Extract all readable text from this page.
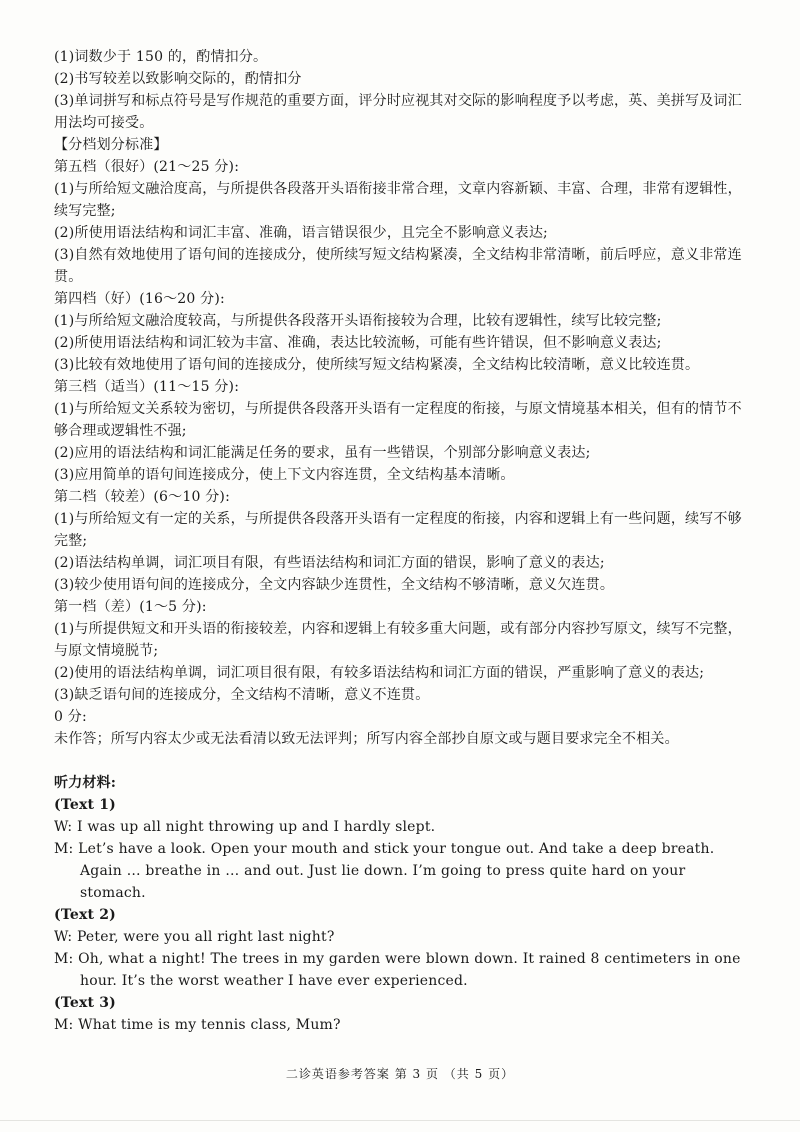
(1)词数少于 150 的，酌情扣分。

(2)书写较差以致影响交际的，酌情扣分

(3)单词拼写和标点符号是写作规范的重要方面，评分时应视其对交际的影响程度予以考虑，英、美拼写及词汇用法均可接受。

【分档划分标准】

第五档（很好）(21～25 分):

(1)与所给短文融洽度高，与所提供各段落开头语衔接非常合理，文章内容新颖、丰富、合理，非常有逻辑性，续写完整;

(2)所使用语法结构和词汇丰富、准确，语言错误很少，且完全不影响意义表达;

(3)自然有效地使用了语句间的连接成分，使所续写短文结构紧凑，全文结构非常清晰，前后呼应，意义非常连贯。

第四档（好）(16～20 分):

(1)与所给短文融洽度较高，与所提供各段落开头语衔接较为合理，比较有逻辑性，续写比较完整;

(2)所使用语法结构和词汇较为丰富、准确，表达比较流畅，可能有些许错误，但不影响意义表达;

(3)比较有效地使用了语句间的连接成分，使所续写短文结构紧凑，全文结构比较清晰，意义比较连贯。

第三档（适当）(11～15 分):

(1)与所给短文关系较为密切，与所提供各段落开头语有一定程度的衔接，与原文情境基本相关，但有的情节不够合理或逻辑性不强;

(2)应用的语法结构和词汇能满足任务的要求，虽有一些错误，个别部分影响意义表达;

(3)应用简单的语句间连接成分，使上下文内容连贯，全文结构基本清晰。

第二档（较差）(6～10 分):

(1)与所给短文有一定的关系，与所提供各段落开头语有一定程度的衔接，内容和逻辑上有一些问题，续写不够完整;

(2)语法结构单调，词汇项目有限，有些语法结构和词汇方面的错误，影响了意义的表达;

(3)较少使用语句间的连接成分，全文内容缺少连贯性，全文结构不够清晰，意义欠连贯。

第一档（差）(1～5 分):

(1)与所提供短文和开头语的衔接较差，内容和逻辑上有较多重大问题，或有部分内容抄写原文，续写不完整，与原文情境脱节;

(2)使用的语法结构单调，词汇项目很有限，有较多语法结构和词汇方面的错误，严重影响了意义的表达;

(3)缺乏语句间的连接成分，全文结构不清晰，意义不连贯。

0 分:

未作答；所写内容太少或无法看清以致无法评判；所写内容全部抄自原文或与题目要求完全不相关。

听力材料:

(Text 1)

W: I was up all night throwing up and I hardly slept.

M: Let’s have a look. Open your mouth and stick your tongue out. And take a deep breath. Again … breathe in … and out. Just lie down. I’m going to press quite hard on your stomach.

(Text 2)

W: Peter, were you all right last night?

M: Oh, what a night! The trees in my garden were blown down. It rained 8 centimeters in one hour. It’s the worst weather I have ever experienced.

(Text 3)

M: What time is my tennis class, Mum?

二诊英语参考答案 第 3 页 （共 5 页）
